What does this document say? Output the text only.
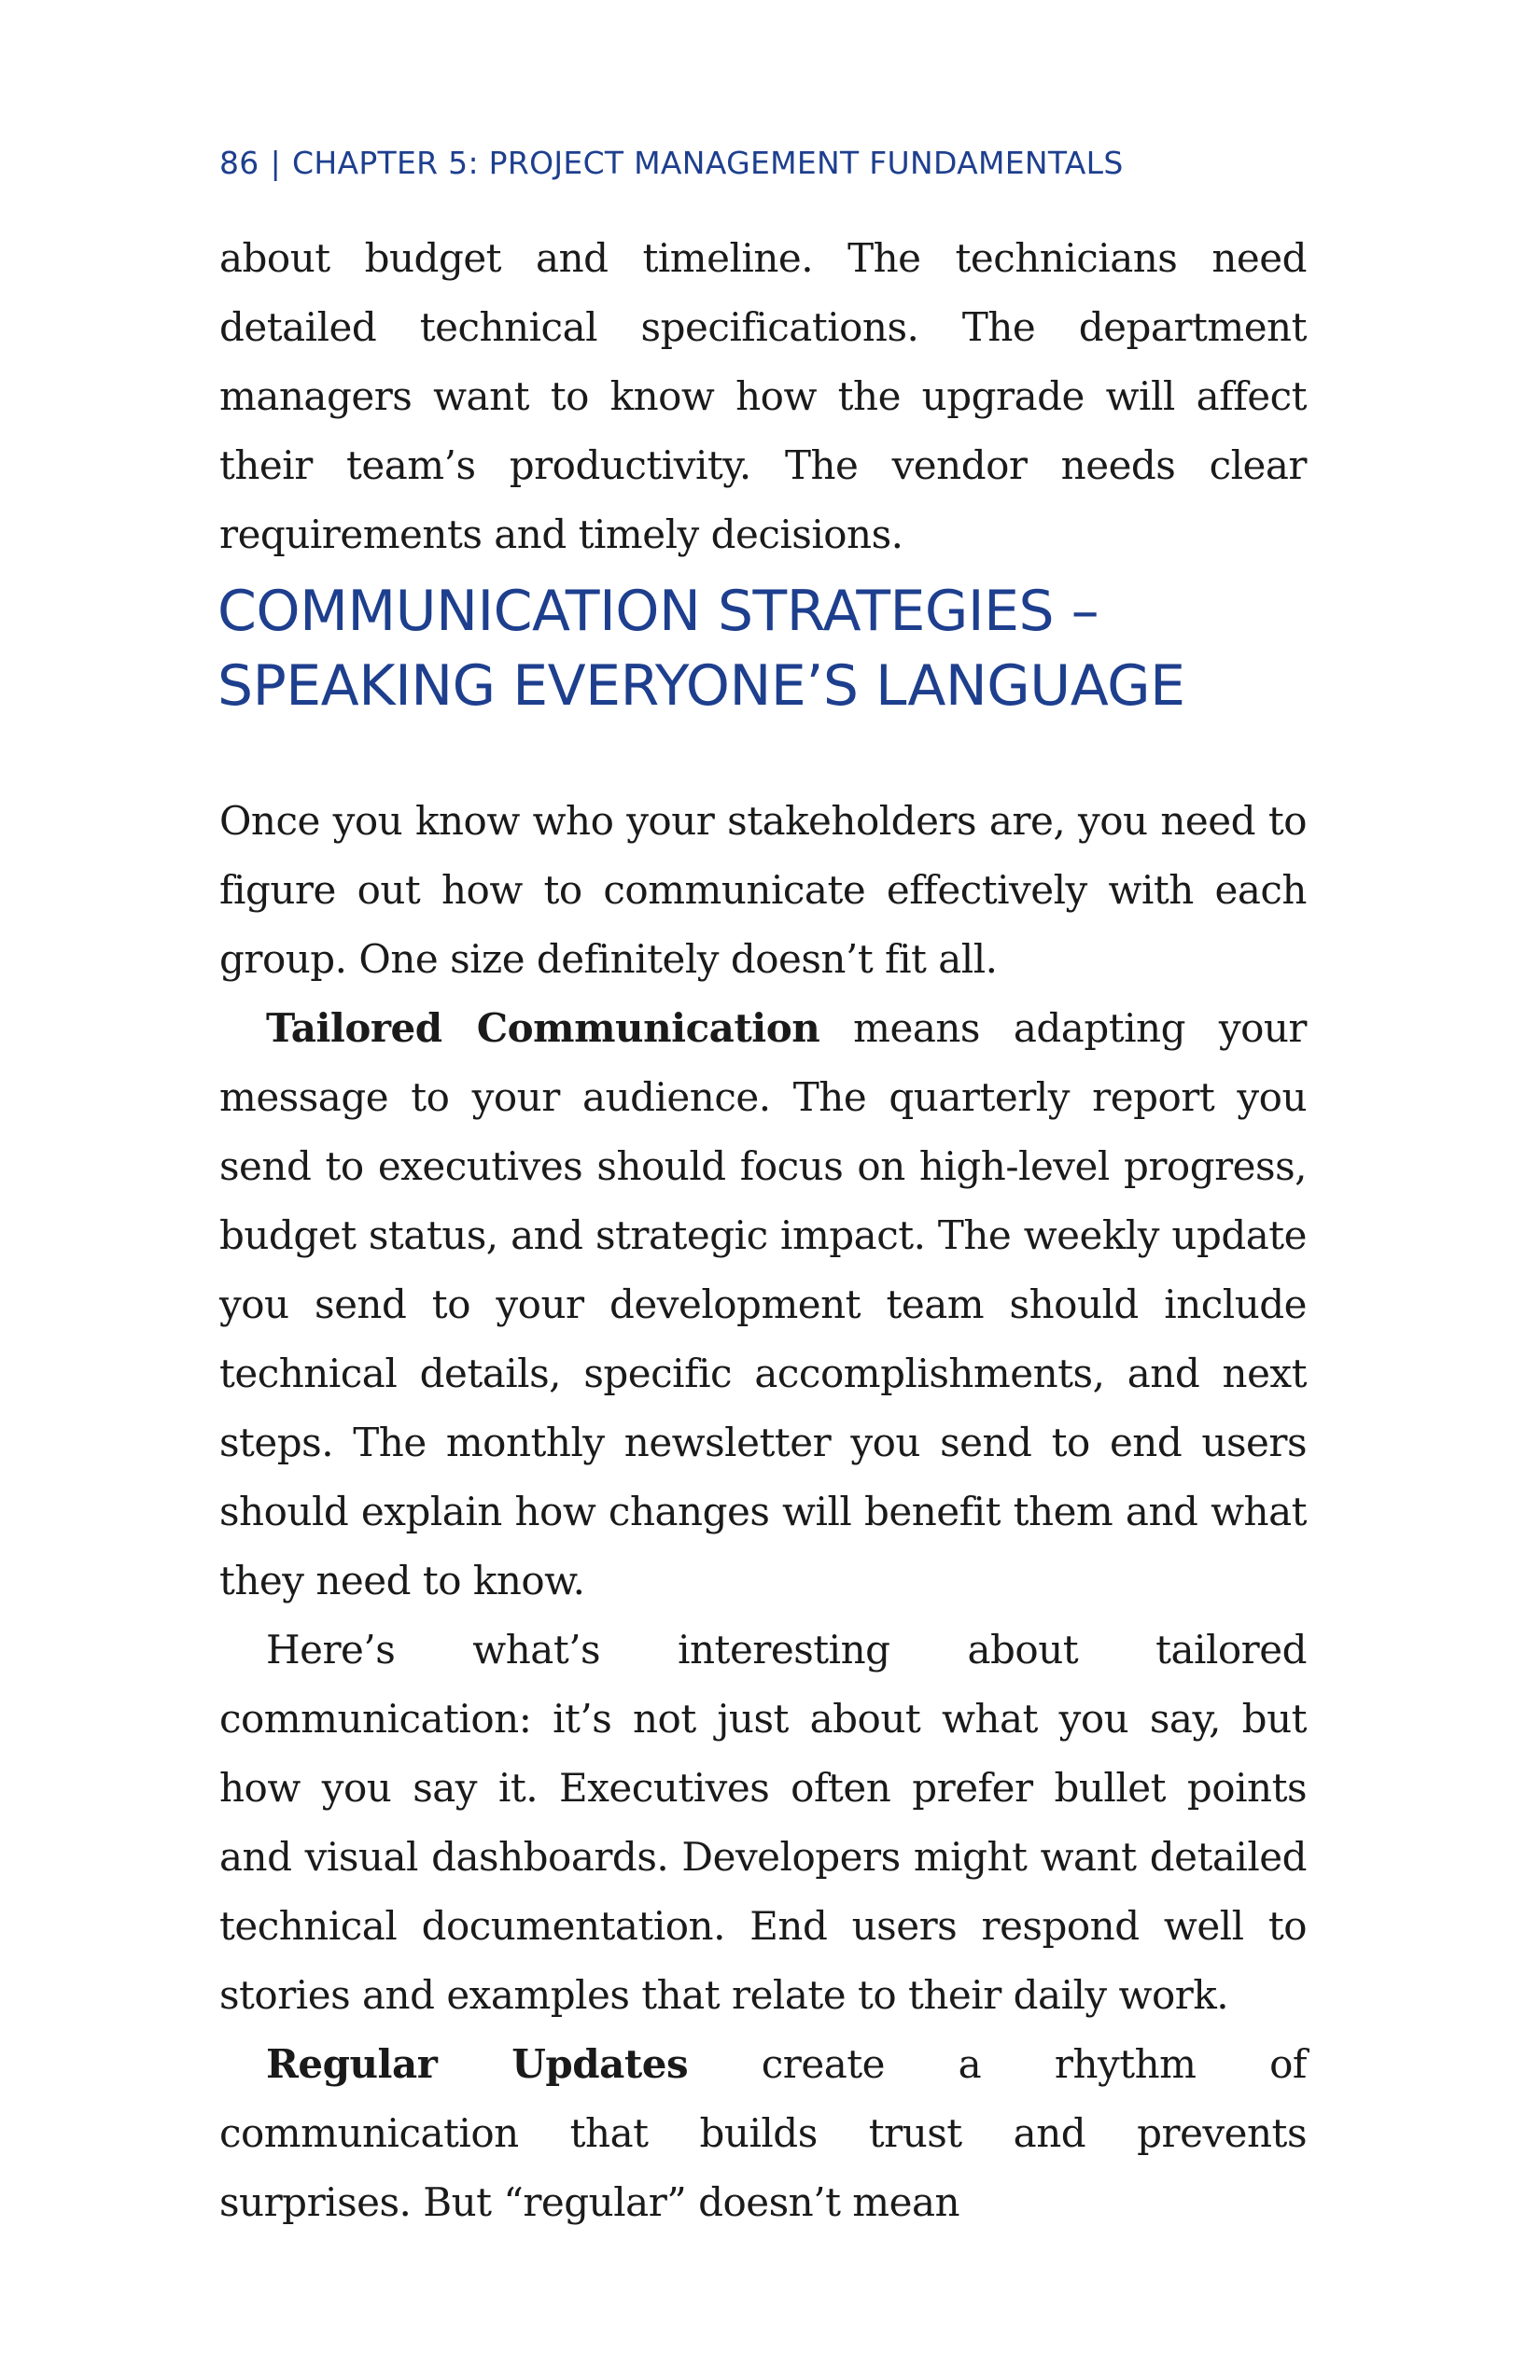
86 | CHAPTER 5: PROJECT MANAGEMENT FUNDAMENTALS

about budget and timeline. The technicians need detailed technical specifications. The department managers want to know how the upgrade will affect their team’s productivity. The vendor needs clear requirements and timely decisions.

COMMUNICATION STRATEGIES –
SPEAKING EVERYONE’S LANGUAGE

Once you know who your stakeholders are, you need to figure out how to communicate effectively with each group. One size definitely doesn’t fit all.

Tailored Communication means adapting your message to your audience. The quarterly report you send to executives should focus on high-level progress, budget status, and strategic impact. The weekly update you send to your development team should include technical details, specific accomplishments, and next steps. The monthly newsletter you send to end users should explain how changes will benefit them and what they need to know.

Here’s what’s interesting about tailored communication: it’s not just about what you say, but how you say it. Executives often prefer bullet points and visual dashboards. Developers might want detailed technical documentation. End users respond well to stories and examples that relate to their daily work.

Regular Updates create a rhythm of communication that builds trust and prevents surprises. But “regular” doesn’t mean
